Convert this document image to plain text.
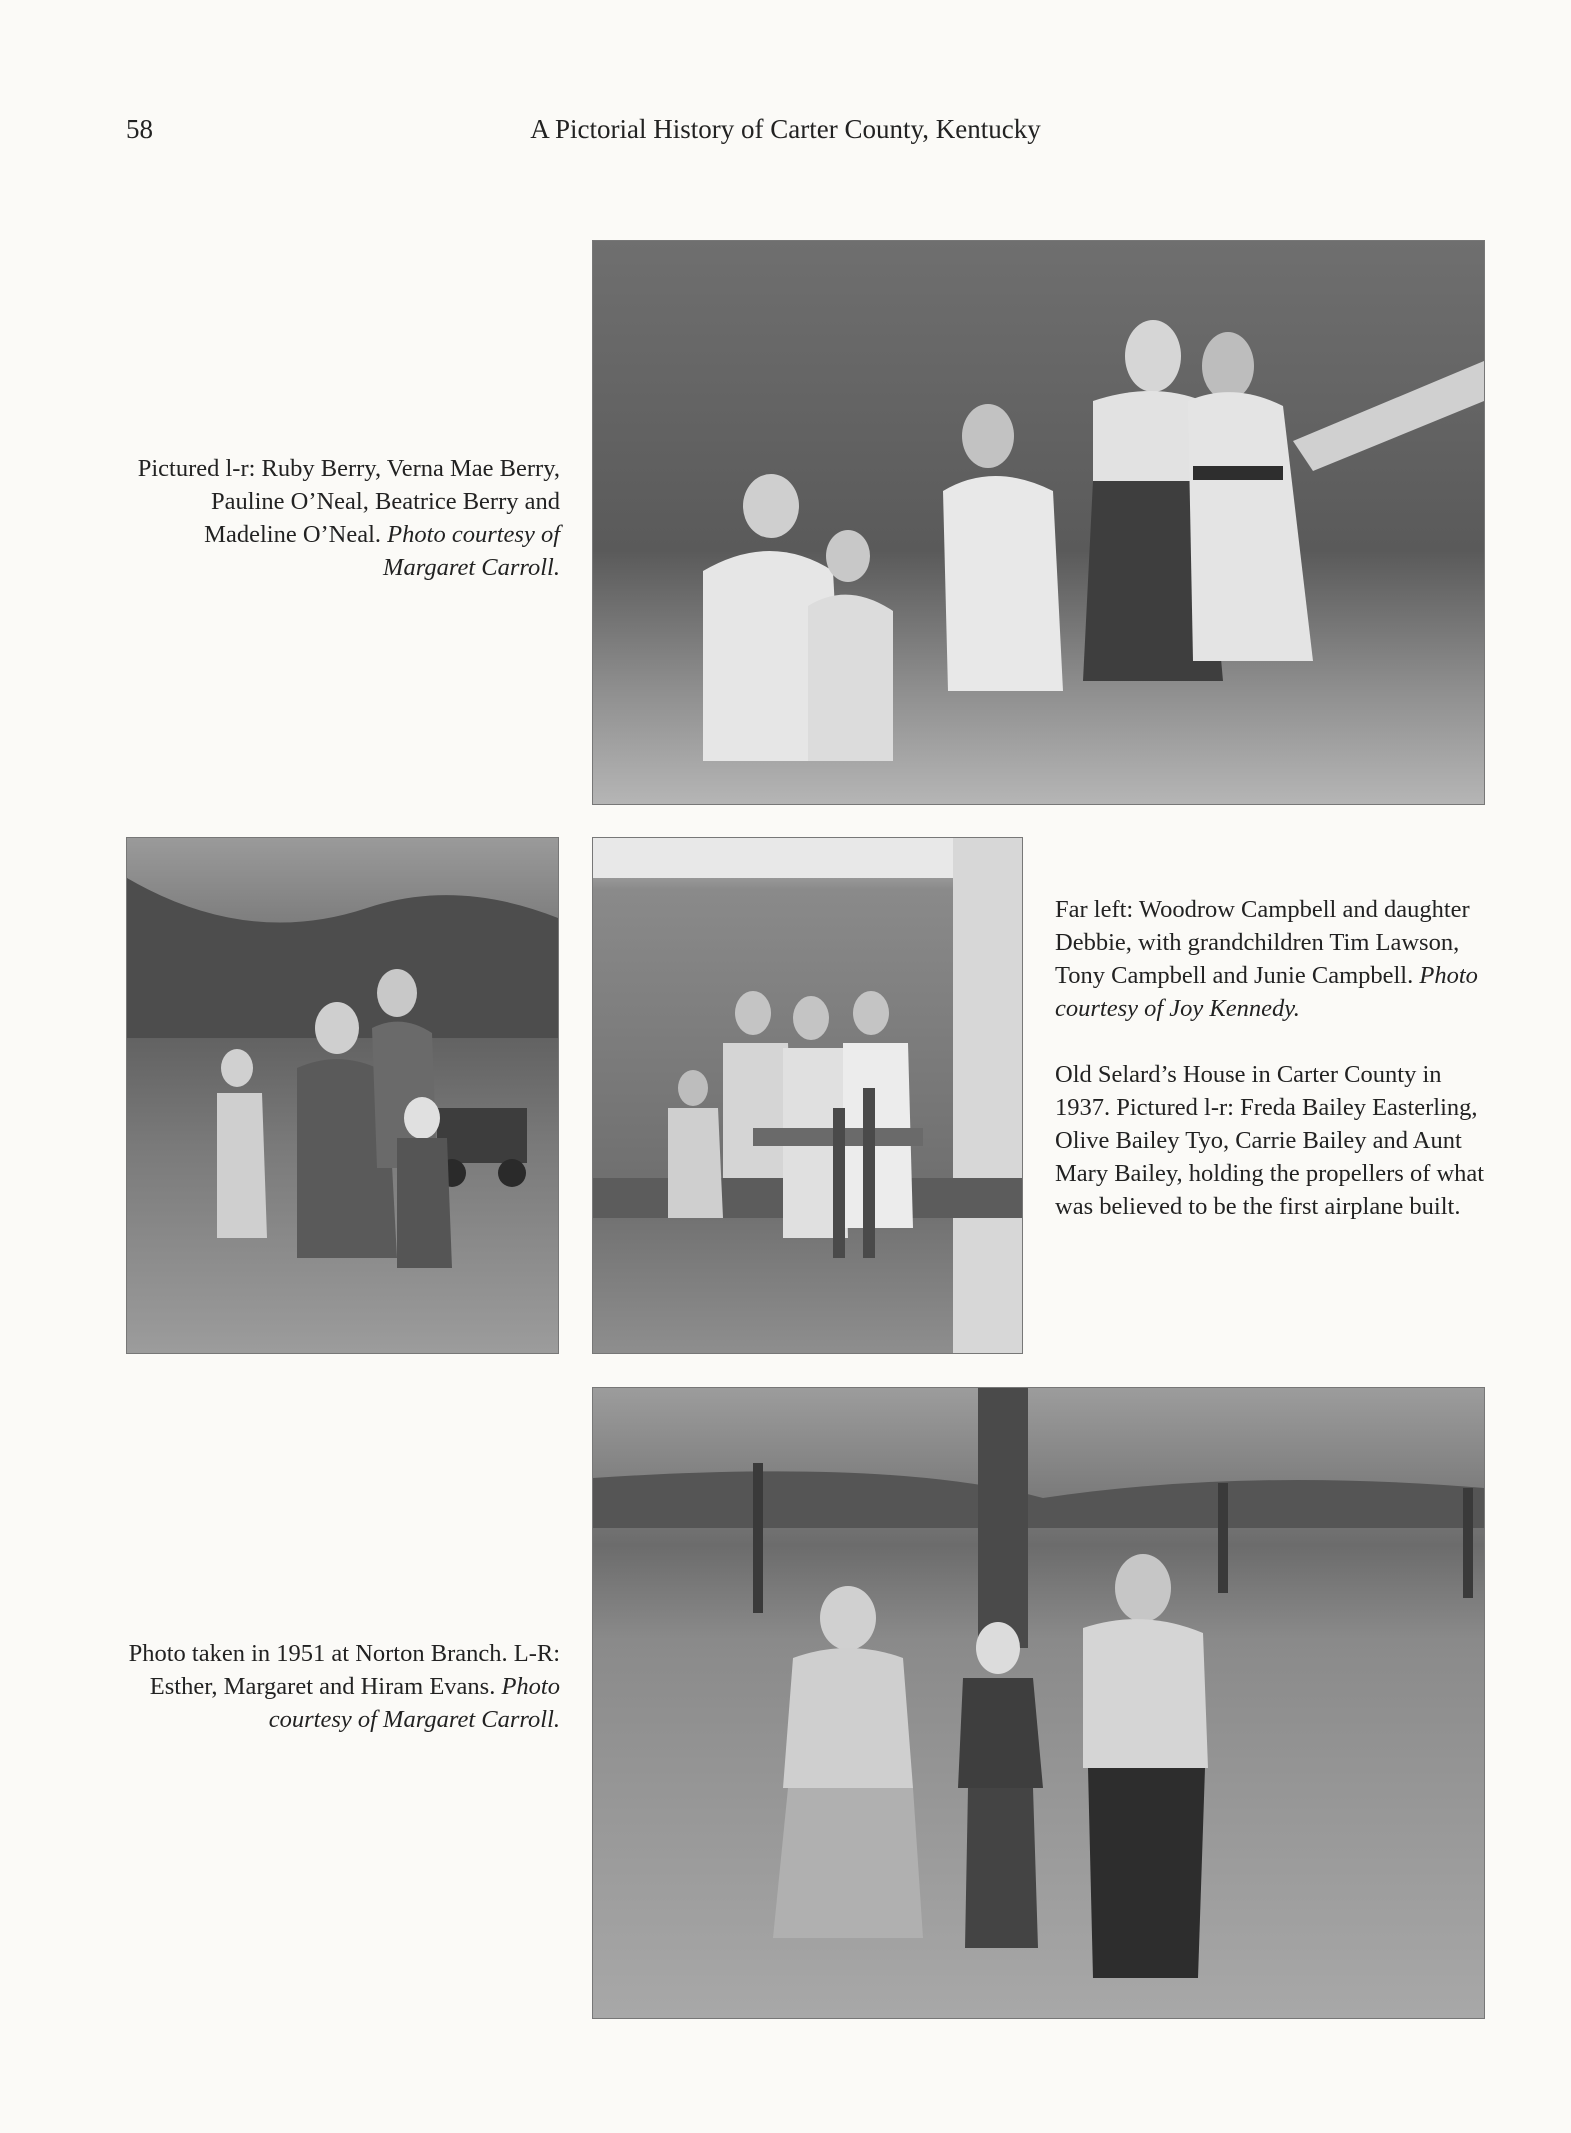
58	A Pictorial History of Carter County, Kentucky
Pictured l-r: Ruby Berry, Verna Mae Berry, Pauline O’Neal, Beatrice Berry and Madeline O’Neal. Photo courtesy of Margaret Carroll.

Far left: Woodrow Campbell and daughter Debbie, with grandchildren Tim Lawson, Tony Campbell and Junie Campbell. Photo courtesy of Joy Kennedy.

Old Selard’s House in Carter County in 1937. Pictured l-r: Freda Bailey Easterling, Olive Bailey Tyo, Carrie Bailey and Aunt Mary Bailey, holding the propellers of what was believed to be the first airplane built.

Photo taken in 1951 at Norton Branch. L-R: Esther, Margaret and Hiram Evans. Photo courtesy of Margaret Carroll.
